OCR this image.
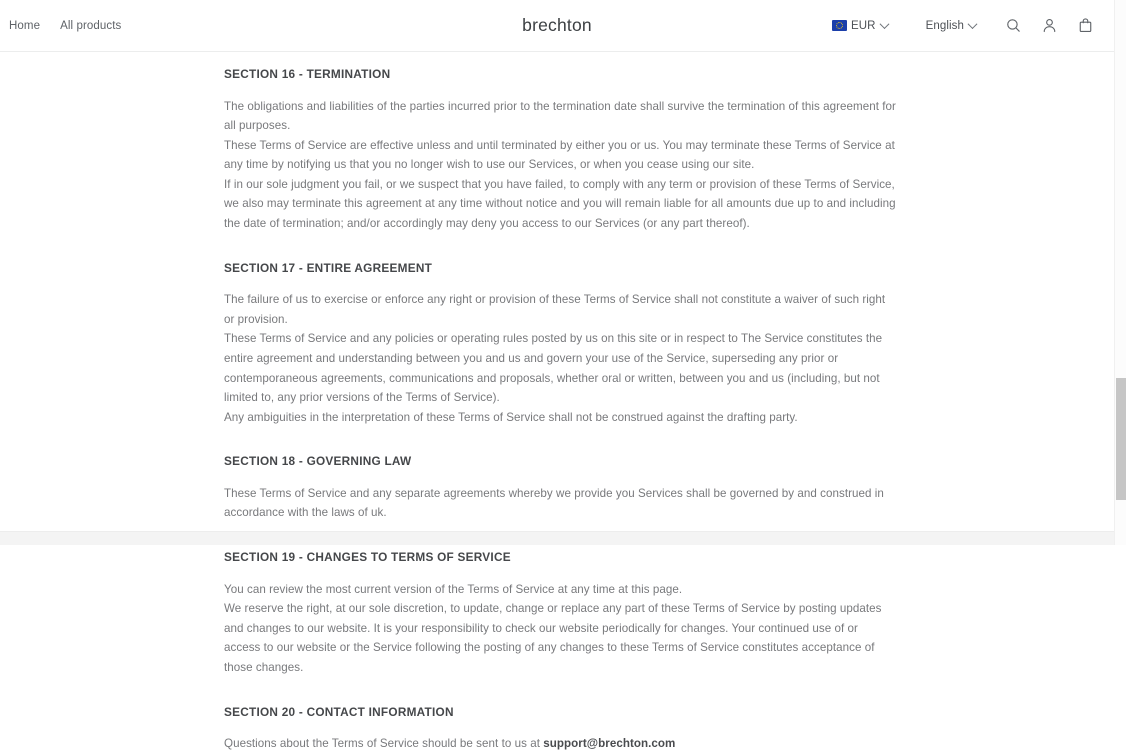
Home All products	brechton	EUR	English
SECTION 16 - TERMINATION

The obligations and liabilities of the parties incurred prior to the termination date shall survive the termination of this agreement for all purposes.

These Terms of Service are effective unless and until terminated by either you or us. You may terminate these Terms of Service at any time by notifying us that you no longer wish to use our Services, or when you cease using our site.

If in our sole judgment you fail, or we suspect that you have failed, to comply with any term or provision of these Terms of Service, we also may terminate this agreement at any time without notice and you will remain liable for all amounts due up to and including the date of termination; and/or accordingly may deny you access to our Services (or any part thereof).

SECTION 17 - ENTIRE AGREEMENT

The failure of us to exercise or enforce any right or provision of these Terms of Service shall not constitute a waiver of such right or provision.

These Terms of Service and any policies or operating rules posted by us on this site or in respect to The Service constitutes the entire agreement and understanding between you and us and govern your use of the Service, superseding any prior or contemporaneous agreements, communications and proposals, whether oral or written, between you and us (including, but not limited to, any prior versions of the Terms of Service).

Any ambiguities in the interpretation of these Terms of Service shall not be construed against the drafting party.

SECTION 18 - GOVERNING LAW

These Terms of Service and any separate agreements whereby we provide you Services shall be governed by and construed in accordance with the laws of uk.

SECTION 19 - CHANGES TO TERMS OF SERVICE

You can review the most current version of the Terms of Service at any time at this page.

We reserve the right, at our sole discretion, to update, change or replace any part of these Terms of Service by posting updates and changes to our website. It is your responsibility to check our website periodically for changes. Your continued use of or access to our website or the Service following the posting of any changes to these Terms of Service constitutes acceptance of those changes.

SECTION 20 - CONTACT INFORMATION

Questions about the Terms of Service should be sent to us at support@brechton.com
